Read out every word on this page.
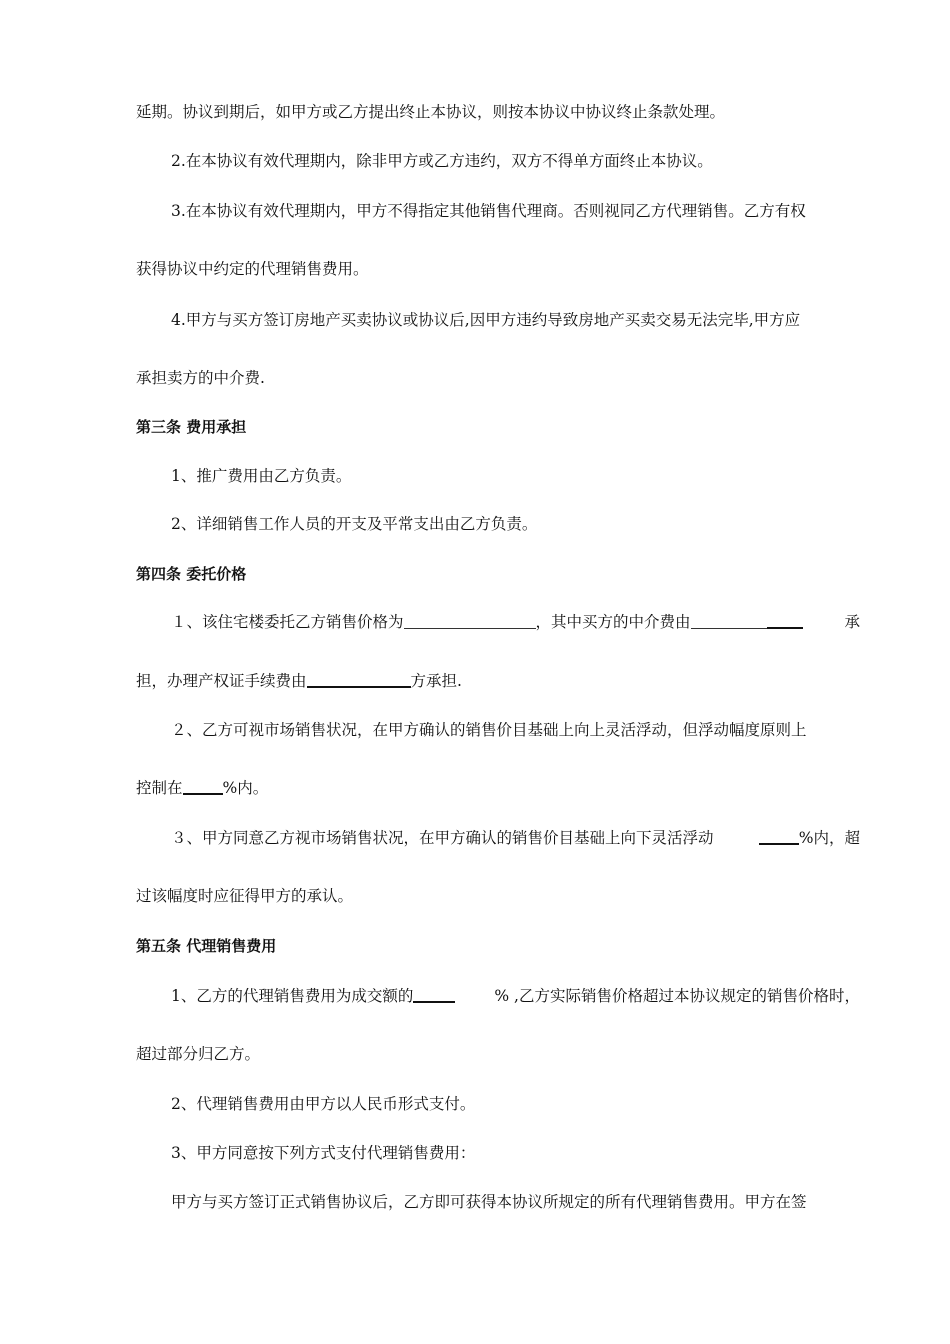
延期。协议到期后，如甲方或乙方提出终止本协议，则按本协议中协议终止条款处理。
2.在本协议有效代理期内，除非甲方或乙方违约，双方不得单方面终止本协议。
3.在本协议有效代理期内，甲方不得指定其他销售代理商。否则视同乙方代理销售。乙方有权
获得协议中约定的代理销售费用。
4.甲方与买方签订房地产买卖协议或协议后,因甲方违约导致房地产买卖交易无法完毕,甲方应
承担卖方的中介费.
第三条 费用承担
1、推广费用由乙方负责。
2、详细销售工作人员的开支及平常支出由乙方负责。
第四条 委托价格
１、该住宅楼委托乙方销售价格为	，其中买方的中介费由	承
担，办理产权证手续费由	方承担.
２、乙方可视市场销售状况，在甲方确认的销售价目基础上向上灵活浮动，但浮动幅度原则上
控制在	%内。
３、甲方同意乙方视市场销售状况，在甲方确认的销售价目基础上向下灵活浮动	%内，超
过该幅度时应征得甲方的承认。
第五条 代理销售费用
1、乙方的代理销售费用为成交额的	% ,乙方实际销售价格超过本协议规定的销售价格时，
超过部分归乙方。
2、代理销售费用由甲方以人民币形式支付。
3、甲方同意按下列方式支付代理销售费用：
甲方与买方签订正式销售协议后，乙方即可获得本协议所规定的所有代理销售费用。甲方在签
